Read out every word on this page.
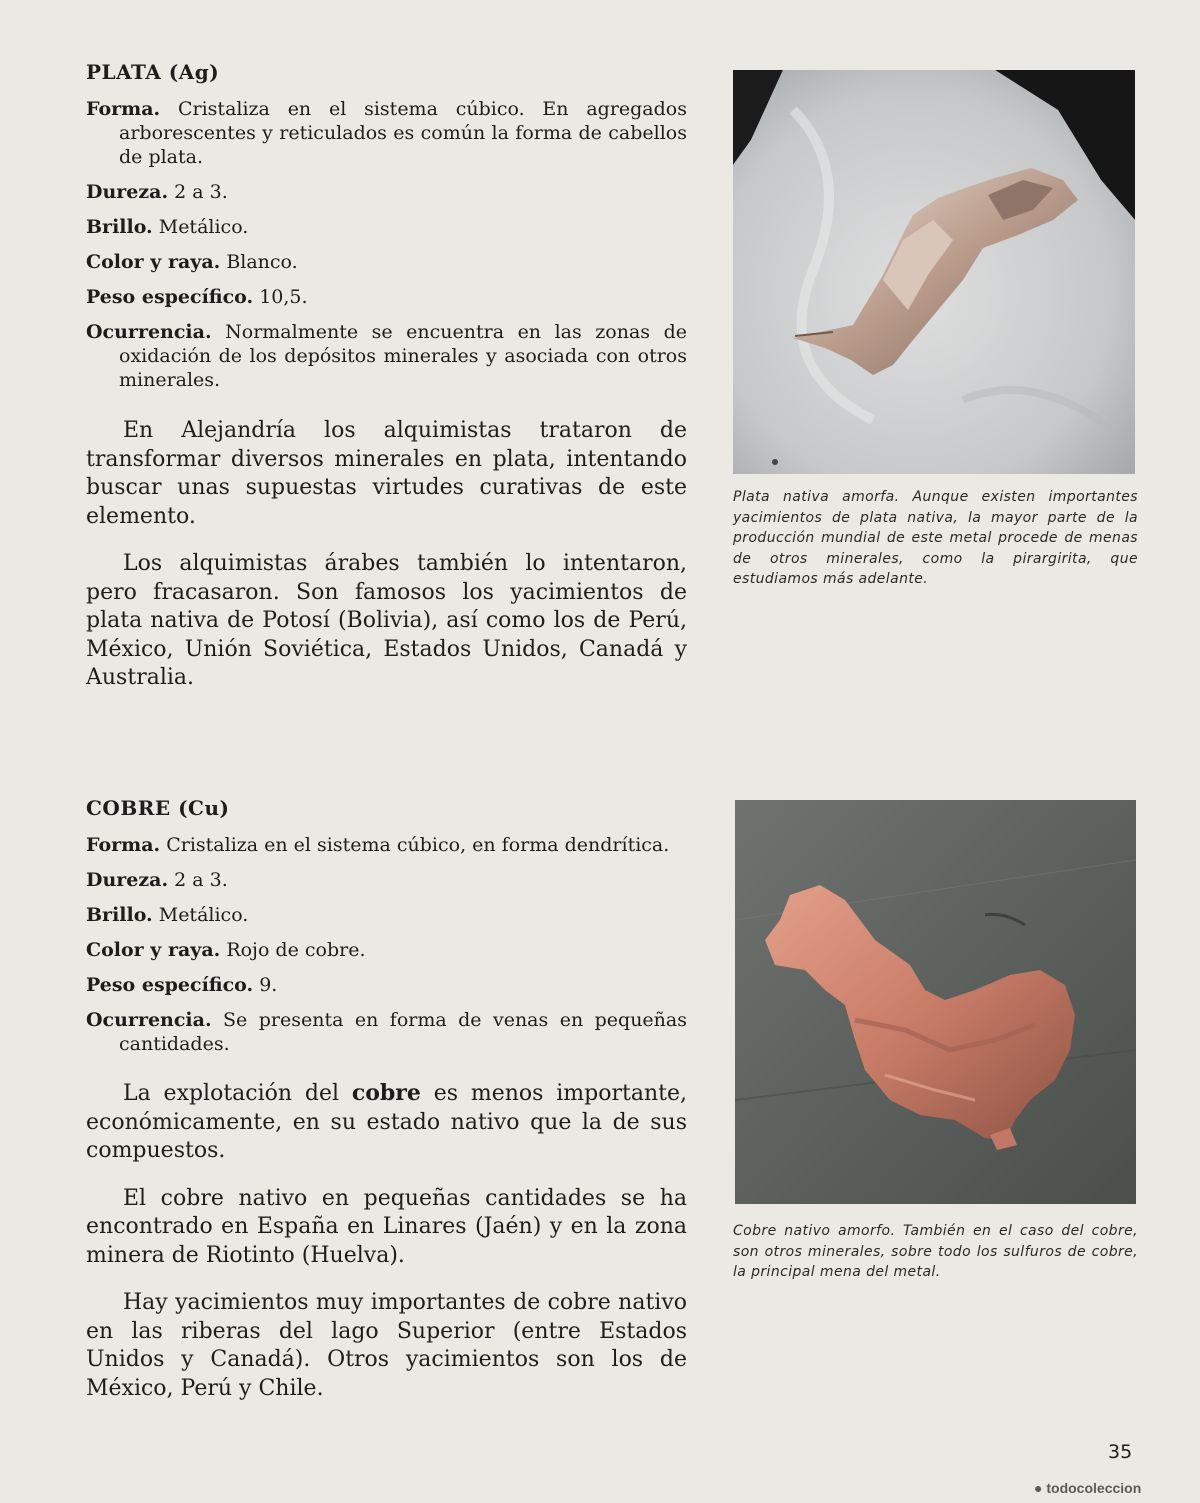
PLATA (Ag)

Forma. Cristaliza en el sistema cúbico. En agregados arborescentes y reticulados es común la forma de cabellos de plata.

Dureza. 2 a 3.

Brillo. Metálico.

Color y raya. Blanco.

Peso específico. 10,5.

Ocurrencia. Normalmente se encuentra en las zonas de oxidación de los depósitos minerales y asociada con otros minerales.

En Alejandría los alquimistas trataron de transformar diversos minerales en plata, intentando buscar unas supuestas virtudes curativas de este elemento.

Los alquimistas árabes también lo intentaron, pero fracasaron. Son famosos los yacimientos de plata nativa de Potosí (Bolivia), así como los de Perú, México, Unión Soviética, Estados Unidos, Canadá y Australia.

Plata nativa amorfa. Aunque existen importantes yacimientos de plata nativa, la mayor parte de la producción mundial de este metal procede de menas de otros minerales, como la pirargirita, que estudiamos más adelante.
COBRE (Cu)

Forma. Cristaliza en el sistema cúbico, en forma dendrítica.

Dureza. 2 a 3.

Brillo. Metálico.

Color y raya. Rojo de cobre.

Peso específico. 9.

Ocurrencia. Se presenta en forma de venas en pequeñas cantidades.

La explotación del cobre es menos importante, económicamente, en su estado nativo que la de sus compuestos.

El cobre nativo en pequeñas cantidades se ha encontrado en España en Linares (Jaén) y en la zona minera de Riotinto (Huelva).

Hay yacimientos muy importantes de cobre nativo en las riberas del lago Superior (entre Estados Unidos y Canadá). Otros yacimientos son los de México, Perú y Chile.

Cobre nativo amorfo. También en el caso del cobre, son otros minerales, sobre todo los sulfuros de cobre, la principal mena del metal.
35
● todocoleccion
